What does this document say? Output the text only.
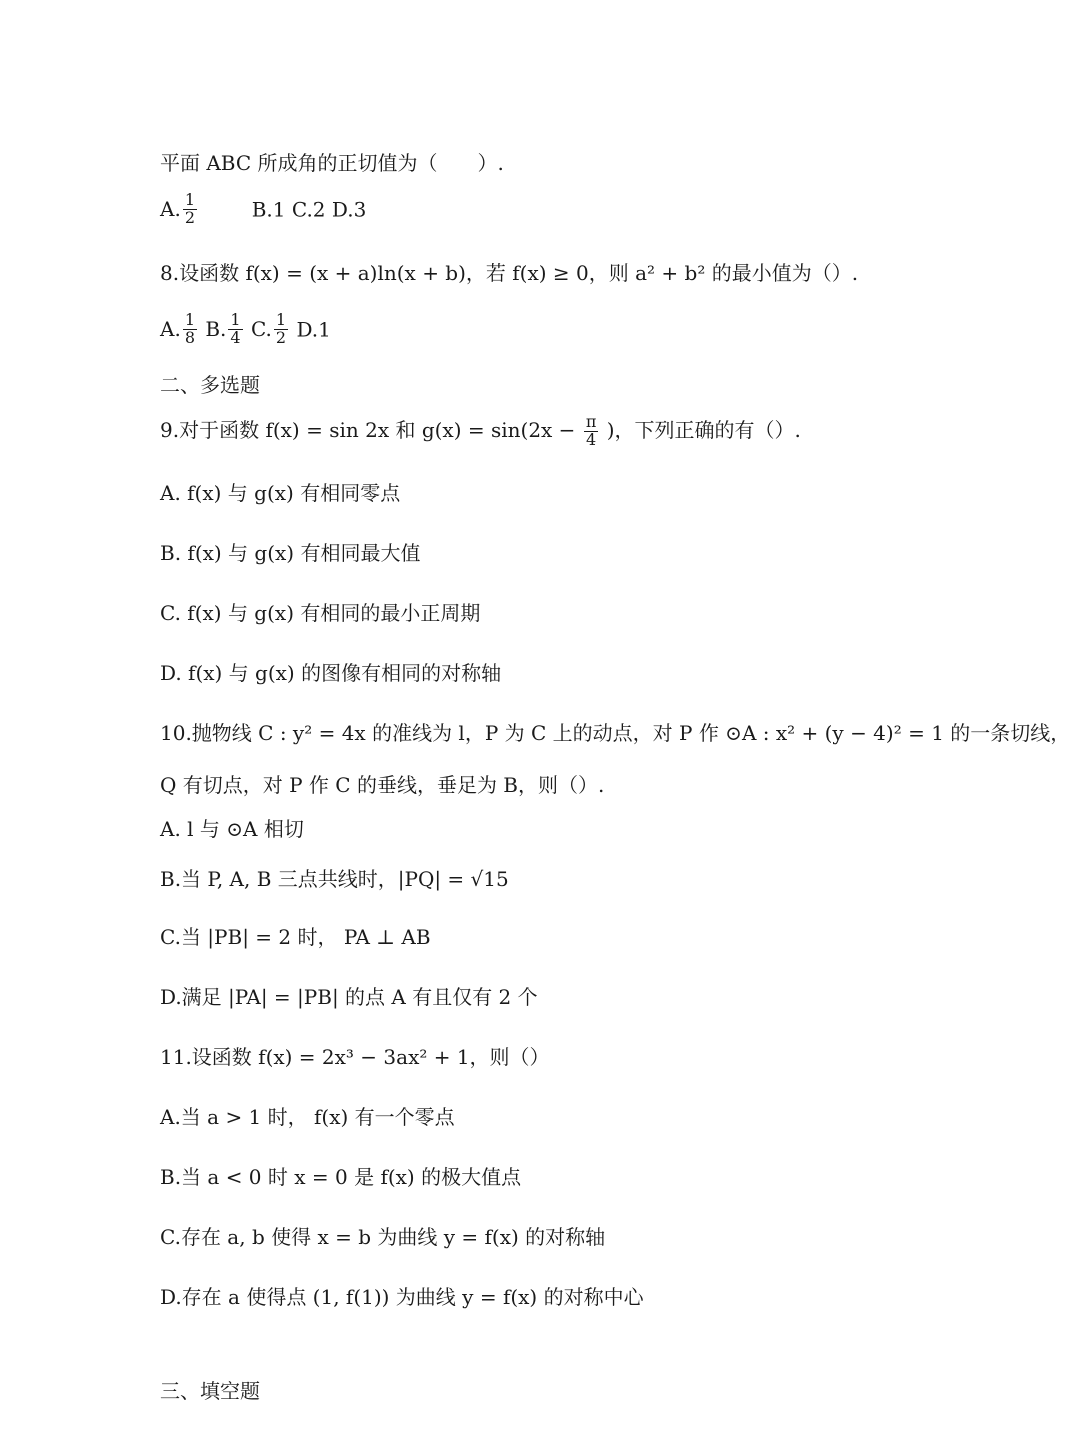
平面 ABC 所成角的正切值为（　　）.
A. $\frac{1}{2}$	B.1 C.2 D.3
8.设函数 f(x) = (x + a)ln(x + b)，若 f(x) ≥ 0，则 a² + b² 的最小值为（）.
A. $\frac{1}{8}$
B. $\frac{1}{4}$
C. $\frac{1}{2} D.1$
二、多选题
9.对于函数 f(x) = sin 2x 和 $g(x) = \sin(2x - \frac{\pi}{4}$ )，下列正确的有（）.
A. f(x) 与 g(x) 有相同零点
B. f(x) 与 g(x) 有相同最大值
C. f(x) 与 g(x) 有相同的最小正周期
D. f(x) 与 g(x) 的图像有相同的对称轴
10.抛物线 C : y² = 4x 的准线为 l，P 为 C 上的动点，对 P 作 ⊙A : x² + (y − 4)² = 1 的一条切线，
Q 有切点，对 P 作 C 的垂线，垂足为 B，则（）.
A. l 与 ⊙A 相切
B.当 P, A, B 三点共线时，|PQ| = √15
C.当 |PB| = 2 时， PA ⊥ AB
D.满足 |PA| = |PB| 的点 A 有且仅有 2 个
11.设函数 f(x) = 2x³ − 3ax² + 1，则（）
A.当 a > 1 时， f(x) 有一个零点
B.当 a < 0 时 x = 0 是 f(x) 的极大值点
C.存在 a, b 使得 x = b 为曲线 y = f(x) 的对称轴
D.存在 a 使得点 (1, f(1)) 为曲线 y = f(x) 的对称中心
三、填空题
